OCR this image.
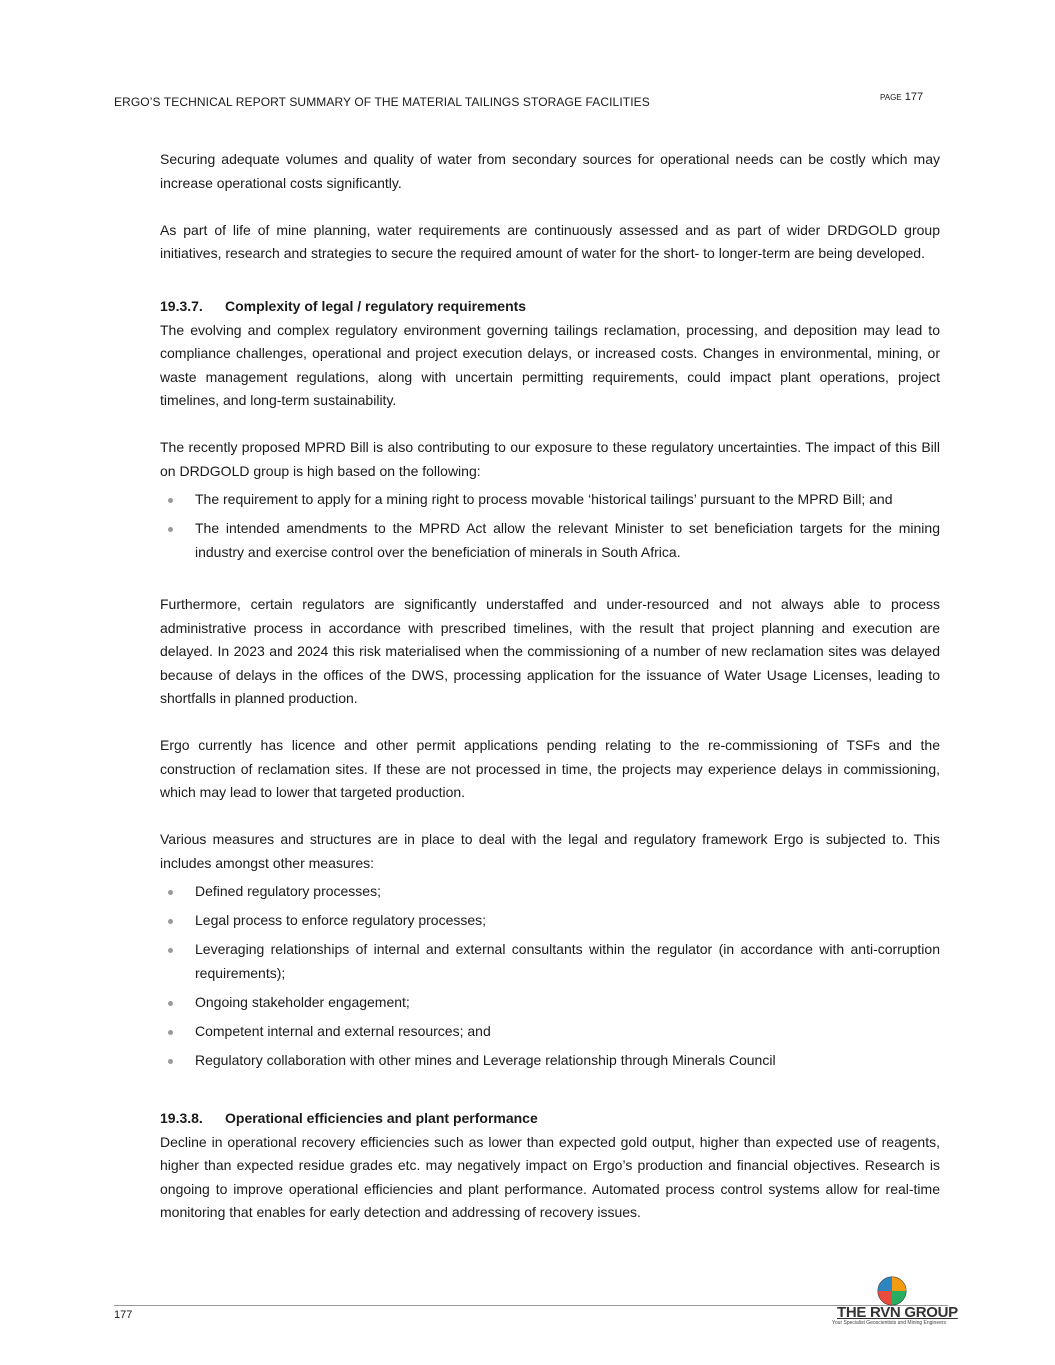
ERGO’S TECHNICAL REPORT SUMMARY OF THE MATERIAL TAILINGS STORAGE FACILITIES	PAGE 177

Securing adequate volumes and quality of water from secondary sources for operational needs can be costly which may increase operational costs significantly.

As part of life of mine planning, water requirements are continuously assessed and as part of wider DRDGOLD group initiatives, research and strategies to secure the required amount of water for the short- to longer-term are being developed.

19.3.7. Complexity of legal / regulatory requirements

The evolving and complex regulatory environment governing tailings reclamation, processing, and deposition may lead to compliance challenges, operational and project execution delays, or increased costs. Changes in environmental, mining, or waste management regulations, along with uncertain permitting requirements, could impact plant operations, project timelines, and long-term sustainability.

The recently proposed MPRD Bill is also contributing to our exposure to these regulatory uncertainties. The impact of this Bill on DRDGOLD group is high based on the following:

The requirement to apply for a mining right to process movable ‘historical tailings’ pursuant to the MPRD Bill; and
The intended amendments to the MPRD Act allow the relevant Minister to set beneficiation targets for the mining industry and exercise control over the beneficiation of minerals in South Africa.

Furthermore, certain regulators are significantly understaffed and under-resourced and not always able to process administrative process in accordance with prescribed timelines, with the result that project planning and execution are delayed. In 2023 and 2024 this risk materialised when the commissioning of a number of new reclamation sites was delayed because of delays in the offices of the DWS, processing application for the issuance of Water Usage Licenses, leading to shortfalls in planned production.

Ergo currently has licence and other permit applications pending relating to the re-commissioning of TSFs and the construction of reclamation sites. If these are not processed in time, the projects may experience delays in commissioning, which may lead to lower that targeted production.

Various measures and structures are in place to deal with the legal and regulatory framework Ergo is subjected to. This includes amongst other measures:

Defined regulatory processes;
Legal process to enforce regulatory processes;
Leveraging relationships of internal and external consultants within the regulator (in accordance with anti-corruption requirements);
Ongoing stakeholder engagement;
Competent internal and external resources; and
Regulatory collaboration with other mines and Leverage relationship through Minerals Council

19.3.8. Operational efficiencies and plant performance

Decline in operational recovery efficiencies such as lower than expected gold output, higher than expected use of reagents, higher than expected residue grades etc. may negatively impact on Ergo’s production and financial objectives. Research is ongoing to improve operational efficiencies and plant performance. Automated process control systems allow for real-time monitoring that enables for early detection and addressing of recovery issues.

177	THE RVN GROUP
Your Specialist Geoscientists and Mining Engineers
